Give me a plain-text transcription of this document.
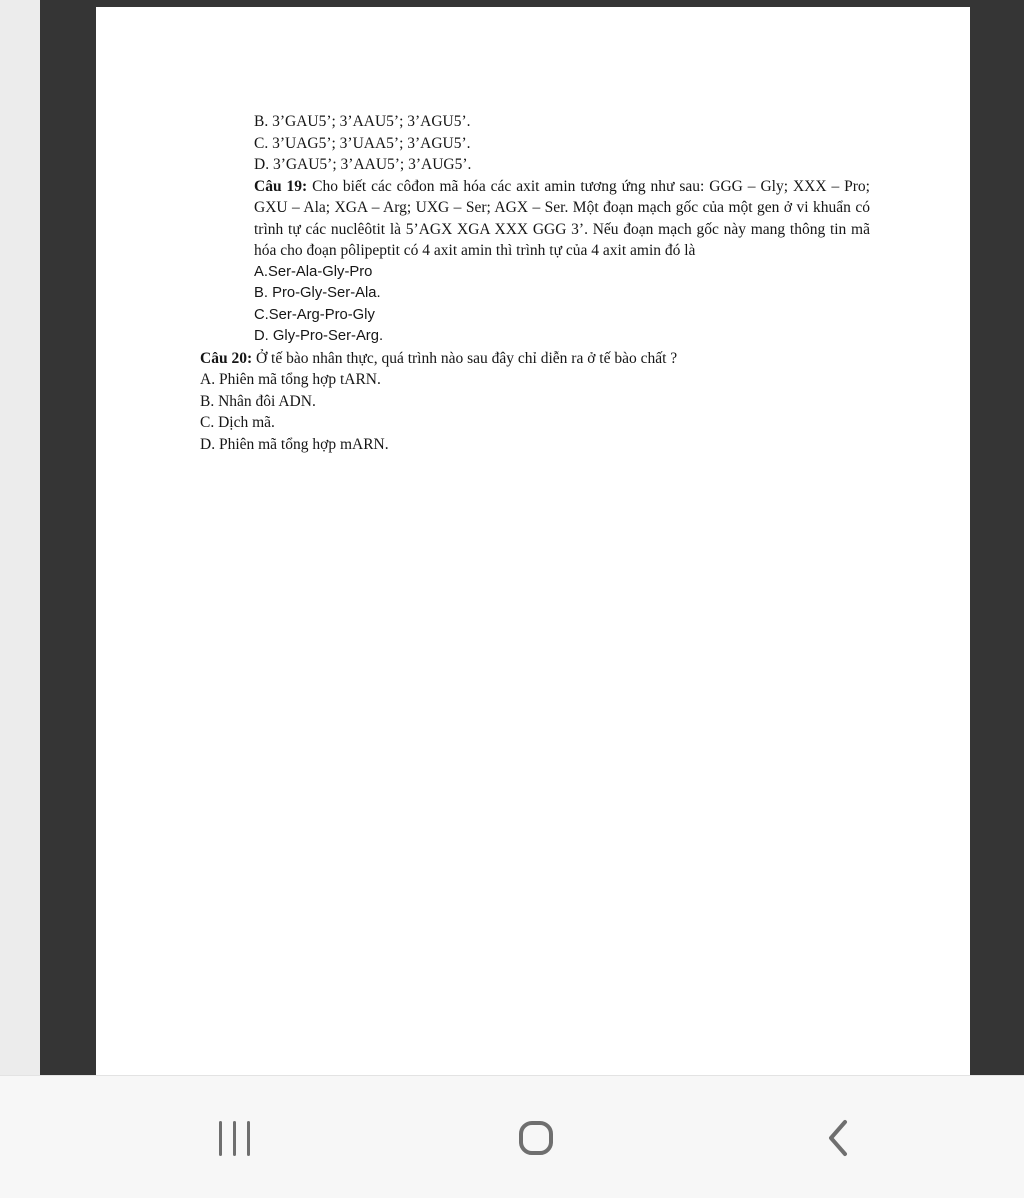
B. 3’GAU5’; 3’AAU5’; 3’AGU5’.

C. 3’UAG5’; 3’UAA5’; 3’AGU5’.

D. 3’GAU5’; 3’AAU5’; 3’AUG5’.

Câu 19: Cho biết các côđon mã hóa các axit amin tương ứng như sau: GGG – Gly; XXX – Pro; GXU – Ala; XGA – Arg; UXG – Ser; AGX – Ser. Một đoạn mạch gốc của một gen ở vi khuẩn có trình tự các nuclêôtit là 5’AGX XGA XXX GGG 3’. Nếu đoạn mạch gốc này mang thông tin mã hóa cho đoạn pôlipeptit có 4 axit amin thì trình tự của 4 axit amin đó là

A.Ser-Ala-Gly-Pro

B. Pro-Gly-Ser-Ala.

C.Ser-Arg-Pro-Gly

D. Gly-Pro-Ser-Arg.

Câu 20: Ở tế bào nhân thực, quá trình nào sau đây chỉ diễn ra ở tế bào chất ?

A. Phiên mã tổng hợp tARN.

B. Nhân đôi ADN.

C. Dịch mã.

D. Phiên mã tổng hợp mARN.
